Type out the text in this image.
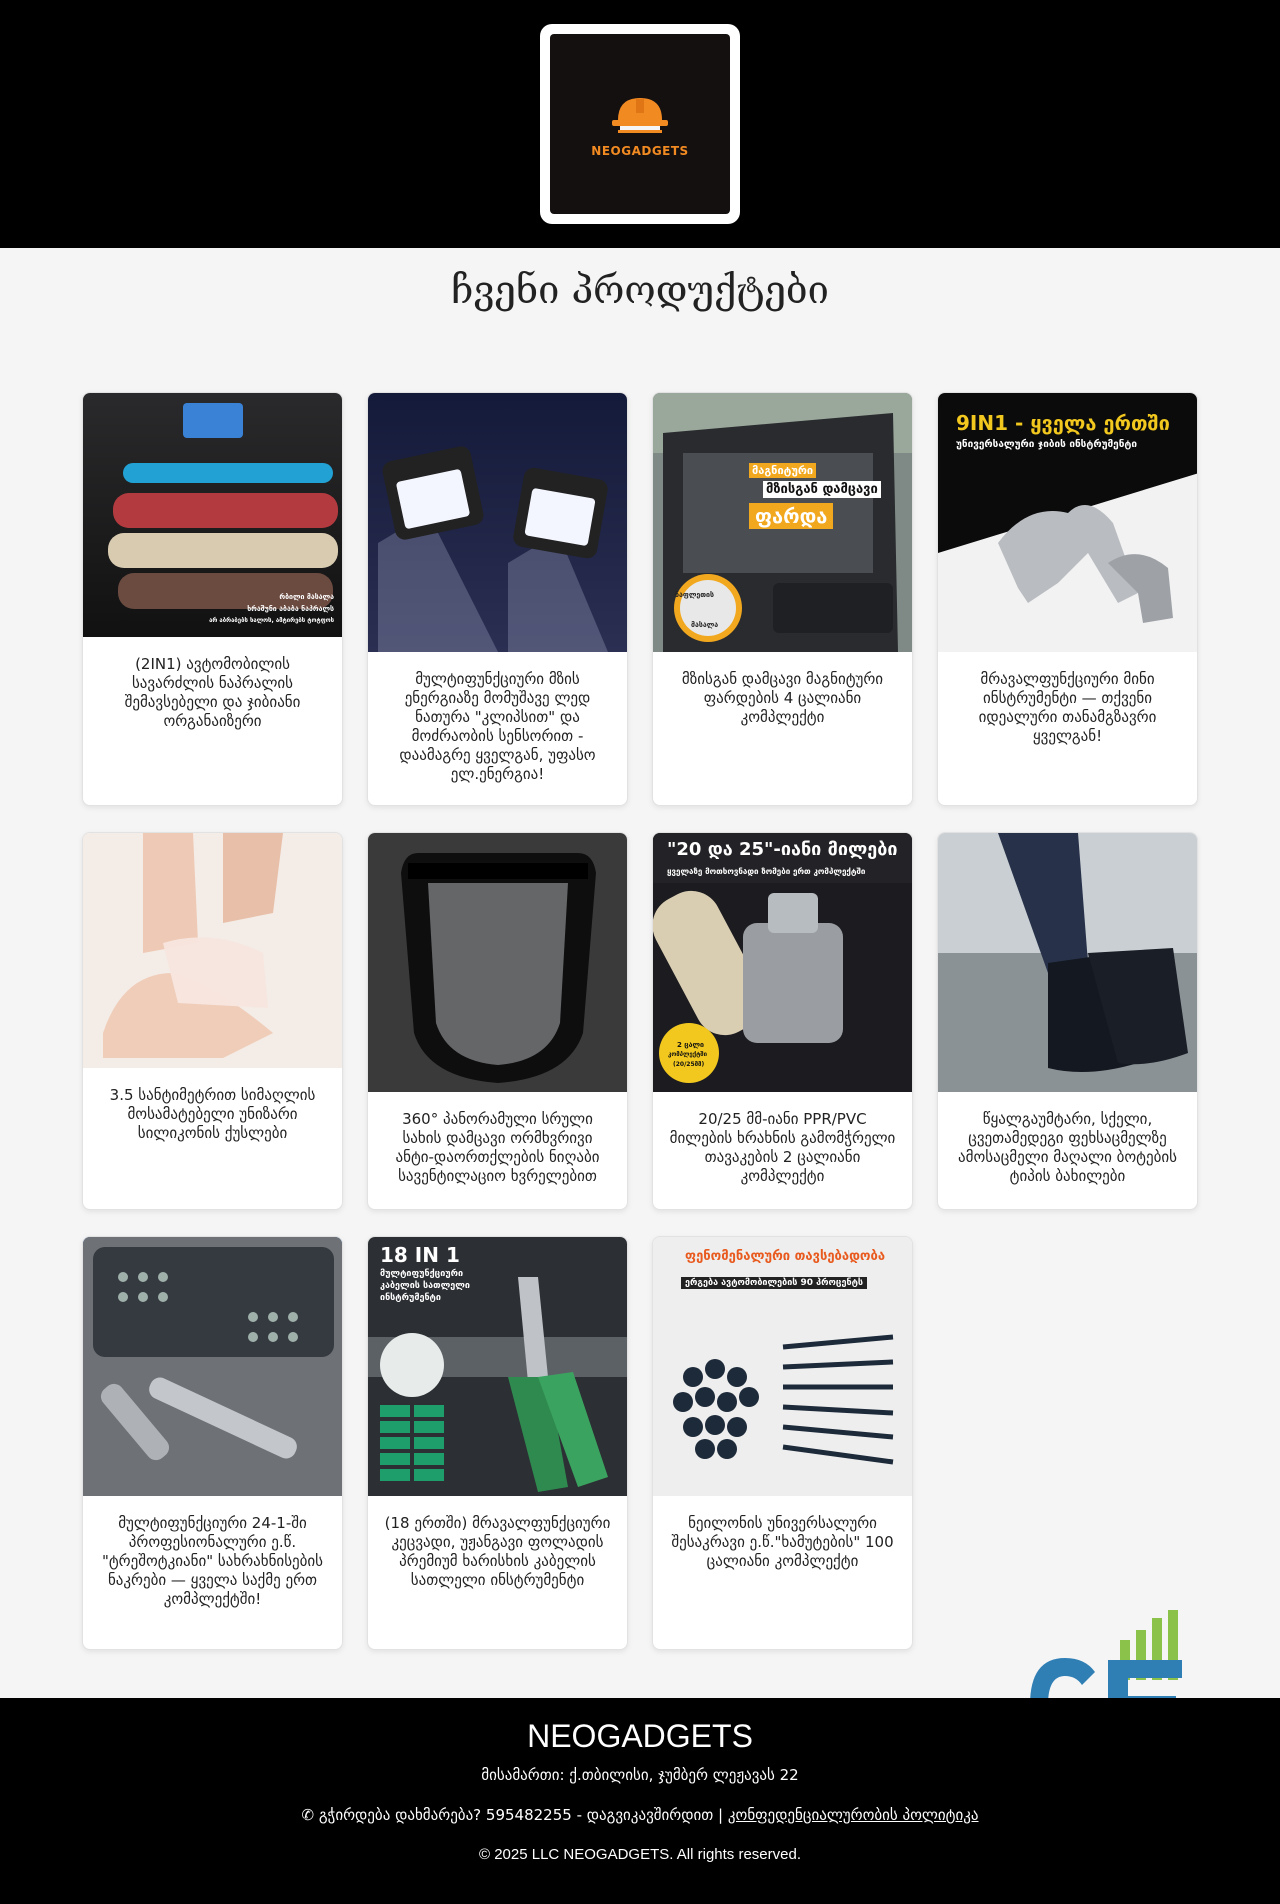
NEOGADGETS
ჩვენი პროდუქტები
რბილი მასალა
ხრაშუნი აბაბა ნაპრალს
არ აბრაბებს ხალოს, ამტირებს ტოტფოს
(2IN1) ავტომობილის სავარძლის ნაპრალის შემავსებელი და ჯიბიანი ორგანაიზერი
მულტიფუნქციური მზის ენერგიაზე მომუშავე ლედ ნათურა "კლიპსით" და მოძრაობის სენსორით - დაამაგრე ყველგან, უფასო ელ.ენერგია!
მაგნიტური
მზისგან დამცავი
ფარდა
ნაფლეთის
მასალა
მზისგან დამცავი მაგნიტური ფარდების 4 ცალიანი კომპლექტი
9IN1 - ყველა ერთში
უნივერსალური ჯიბის ინსტრუმენტი
მრავალფუნქციური მინი ინსტრუმენტი — თქვენი იდეალური თანამგზავრი ყველგან!
3.5 სანტიმეტრით სიმაღლის მოსამატებელი უნიზარი სილიკონის ქუსლები
360° პანორამული სრული სახის დამცავი ორმხვრივი ანტი-დაორთქლების ნიღაბი სავენტილაციო ხვრელებით
"20 და 25"-იანი მილები
ყველაზე მოთხოვნადი ზომები ერთ კომპლექტში
2 ცალი
კომპლექტში
(20/25მმ)
20/25 მმ-იანი PPR/PVC მილების ხრახნის გამომჭრელი თავაკების 2 ცალიანი კომპლექტი
წყალგაუმტარი, სქელი, ცვეთამედეგი ფეხსაცმელზე ამოსაცმელი მაღალი ბოტების ტიპის ბახილები
მულტიფუნქციური 24-1-ში პროფესიონალური ე.წ. "ტრეშოტკიანი" სახრახნისების ნაკრები — ყველა საქმე ერთ კომპლექტში!
18 IN 1
მულტიფუნქციური
კაბელის სათლელი
ინსტრუმენტი
(18 ერთში) მრავალფუნქციური კეცვადი, უჟანგავი ფოლადის პრემიუმ ხარისხის კაბელის სათლელი ინსტრუმენტი
ფენომენალური თავსებადობა
ერგება ავტომობილების 90 პროცენტს
ნეილონის უნივერსალური შესაკრავი ე.წ."ხამუტების" 100 ცალიანი კომპლექტი
NEOGADGETS
მისამართი: ქ.თბილისი, ჯუმბერ ლეჟავას 22
✆ გჭირდება დახმარება? 595482255 - დაგვიკავშირდით | კონფედენციალურობის პოლიტიკა
© 2025 LLC NEOGADGETS. All rights reserved.
